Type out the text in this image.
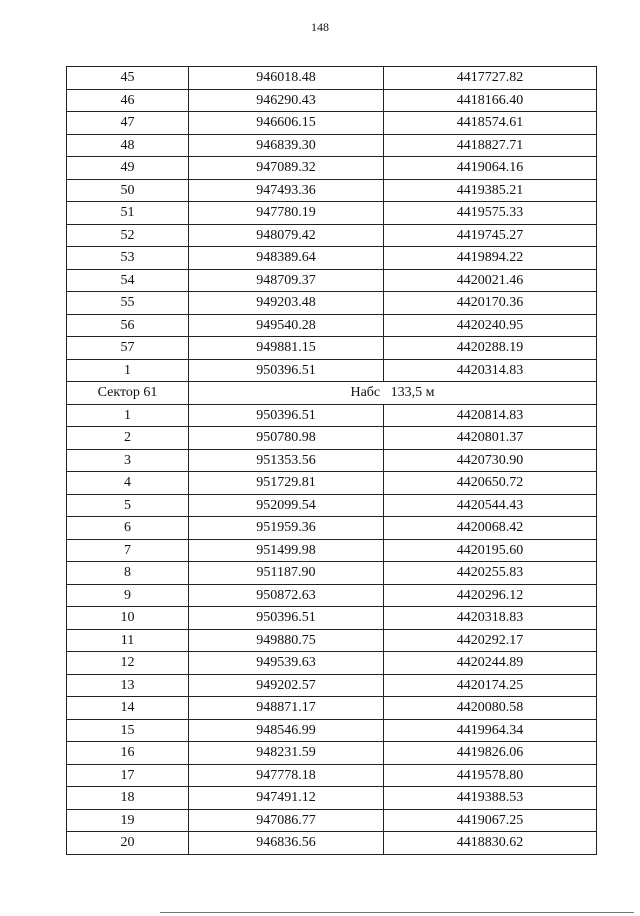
148
45	946018.48	4417727.82
46	946290.43	4418166.40
47	946606.15	4418574.61
48	946839.30	4418827.71
49	947089.32	4419064.16
50	947493.36	4419385.21
51	947780.19	4419575.33
52	948079.42	4419745.27
53	948389.64	4419894.22
54	948709.37	4420021.46
55	949203.48	4420170.36
56	949540.28	4420240.95
57	949881.15	4420288.19
1	950396.51	4420314.83
Сектор 61	Набс   133,5 м	
1	950396.51	4420814.83
2	950780.98	4420801.37
3	951353.56	4420730.90
4	951729.81	4420650.72
5	952099.54	4420544.43
6	951959.36	4420068.42
7	951499.98	4420195.60
8	951187.90	4420255.83
9	950872.63	4420296.12
10	950396.51	4420318.83
11	949880.75	4420292.17
12	949539.63	4420244.89
13	949202.57	4420174.25
14	948871.17	4420080.58
15	948546.99	4419964.34
16	948231.59	4419826.06
17	947778.18	4419578.80
18	947491.12	4419388.53
19	947086.77	4419067.25
20	946836.56	4418830.62
